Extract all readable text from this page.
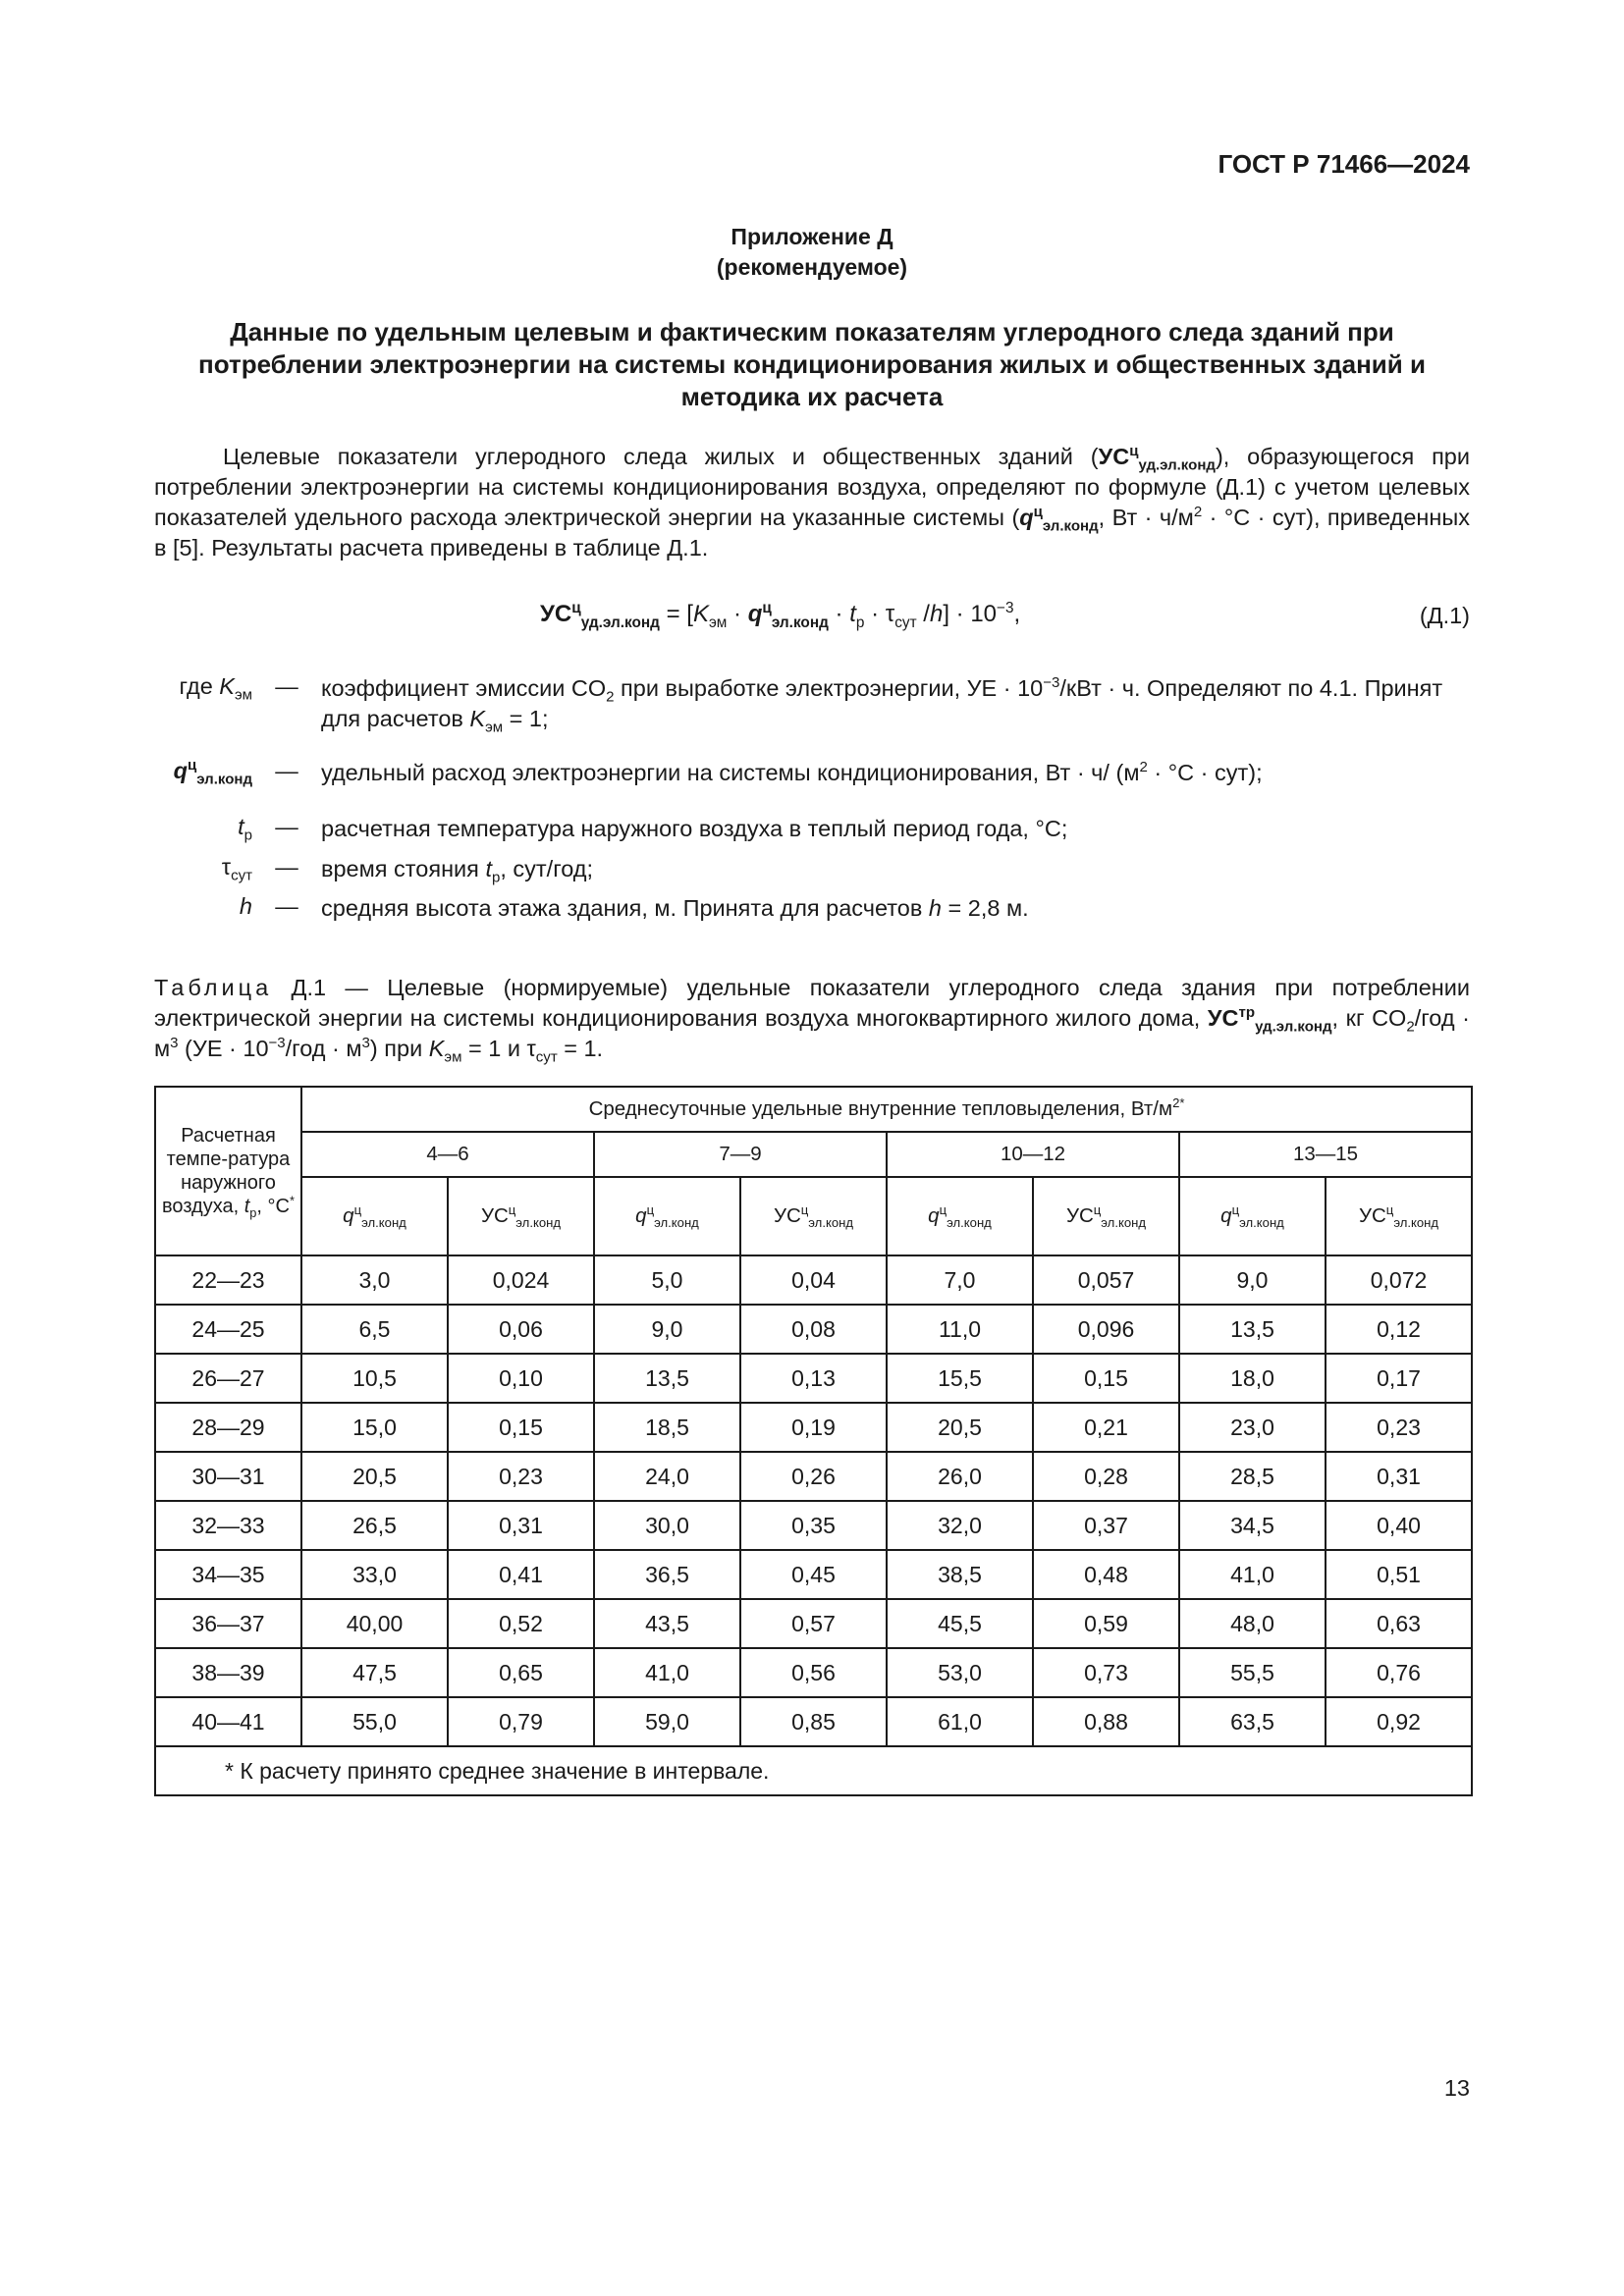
ГОСТ Р 71466—2024
Приложение Д
(рекомендуемое)
Данные по удельным целевым и фактическим показателям углеродного следа зданий при потреблении электроэнергии на системы кондиционирования жилых и общественных зданий и методика их расчета

Целевые показатели углеродного следа жилых и общественных зданий $(УС^ц_{уд.эл.конд})$, образующегося при потреблении электроэнергии на системы кондиционирования воздуха, определяют по формуле (Д.1) с учетом целевых показателей удельного расхода электрической энергии на указанные системы ($q^ц_{эл.конд}$, Вт · $ч/м^2 \cdot ^\circ С \cdot сут$), приведенных в [5]. Результаты расчета приведены в таблице Д.1.

$УС^ц_{уд.эл.конд} = [K_{эм} \cdot q^ц_{эл.конд} \cdot t_р \cdot \tau_{сут}$ $/h] \cdot 10^{-3}$,	(Д.1)
где $K_{эм}$ — коэффициент эмиссии $CO_2$ при выработке электроэнергии, УЕ · $10^{-3}$/кВт · ч. Определяют по 4.1. Принят для расчетов $K_{эм} = 1$;
$q^ц_{эл.конд}$ — удельный расход электроэнергии на системы кондиционирования, Вт · ч/ $(м^2 \cdot ^\circ С \cdot сут)$;
$t_р$ — расчетная температура наружного воздуха в теплый период года, °С;
$\tau_{сут}$ — время стояния $t_р$, сут/год;
h — средняя высота этажа здания, м. Принята для расчетов h = 2,8 м.
Таблица Д.1 — Целевые (нормируемые) удельные показатели углеродного следа здания при потреблении электрической энергии на системы кондиционирования воздуха многоквартирного жилого дома, $УС^{тр}_{уд.эл.конд}$, кг $CO_2$/год · $м^3$ ($УЕ \cdot 10^{-3}$/год · $м^3$) при $K_{эм} = 1$ и $\tau_{сут} = 1$.
Расчетная темпе-ратура наружного воздуха, $t_р$, °С*	Среднесуточные удельные внутренние тепловыделения, $Вт/м^{2*}$
	4—6		7—9		10—12		13—15	
	$q^ц_{эл.конд}$	$УС^ц_{эл.конд}$	$q^ц_{эл.конд}$	$УС^ц_{эл.конд}$	$q^ц_{эл.конд}$	$УС^ц_{эл.конд}$	$q^ц_{эл.конд}$	$УС^ц_{эл.конд}$
22—23	3,0	0,024	5,0	0,04	7,0	0,057	9,0	0,072
24—25	6,5	0,06	9,0	0,08	11,0	0,096	13,5	0,12
26—27	10,5	0,10	13,5	0,13	15,5	0,15	18,0	0,17
28—29	15,0	0,15	18,5	0,19	20,5	0,21	23,0	0,23
30—31	20,5	0,23	24,0	0,26	26,0	0,28	28,5	0,31
32—33	26,5	0,31	30,0	0,35	32,0	0,37	34,5	0,40
34—35	33,0	0,41	36,5	0,45	38,5	0,48	41,0	0,51
36—37	40,00	0,52	43,5	0,57	45,5	0,59	48,0	0,63
38—39	47,5	0,65	41,0	0,56	53,0	0,73	55,5	0,76
40—41	55,0	0,79	59,0	0,85	61,0	0,88	63,5	0,92
* К расчету принято среднее значение в интервале.								
13
